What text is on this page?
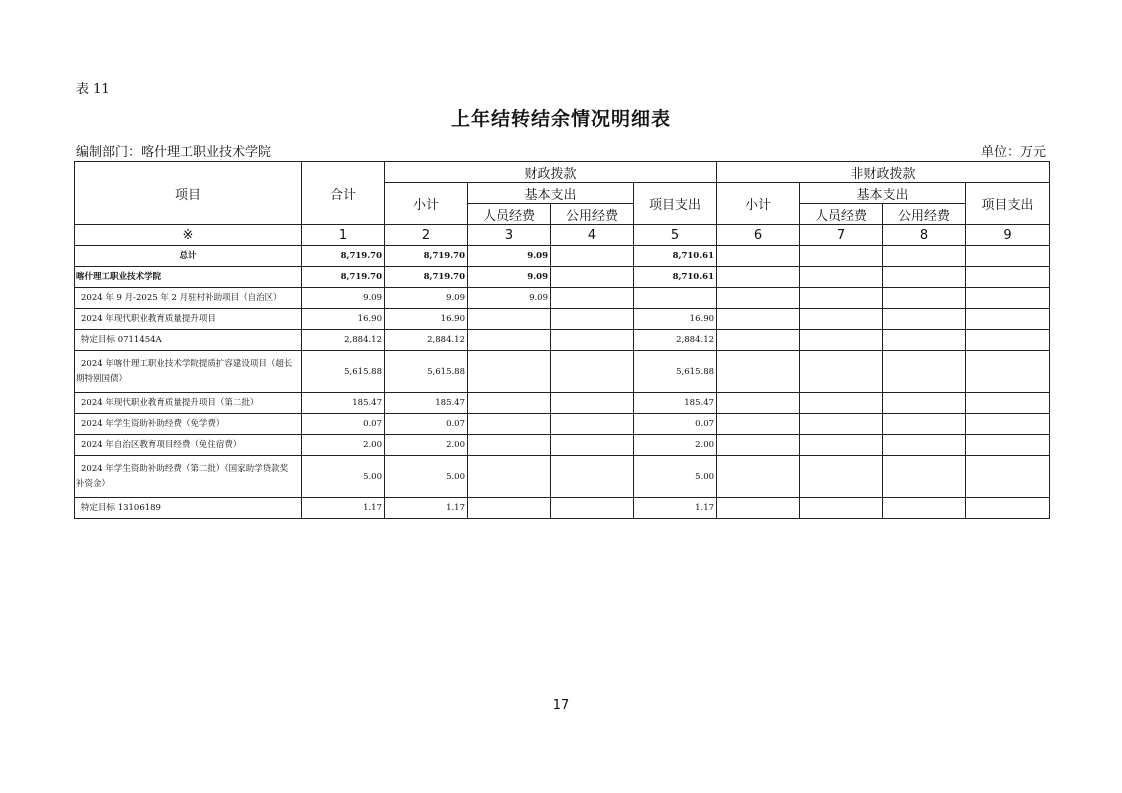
表 11
上年结转结余情况明细表
编制部门：喀什理工职业技术学院	单位：万元
项目	合计	财政拨款				非财政拨款			
		小计	基本支出		项目支出	小计	基本支出		项目支出
			人员经费	公用经费			人员经费	公用经费	
※	1	2	3	4	5	6	7	8	9
总计	8,719.70	8,719.70	9.09		8,710.61				
喀什理工职业技术学院	8,719.70	8,719.70	9.09		8,710.61				
2024 年 9 月-2025 年 2 月驻村补助项目（自治区）	9.09	9.09	9.09						
2024 年现代职业教育质量提升项目	16.90	16.90			16.90				
特定目标 0711454A	2,884.12	2,884.12			2,884.12				
2024 年喀什理工职业技术学院提质扩容建设项目（超长
期特别国债）	5,615.88	5,615.88			5,615.88				
2024 年现代职业教育质量提升项目（第二批）	185.47	185.47			185.47				
2024 年学生资助补助经费（免学费）	0.07	0.07			0.07				
2024 年自治区教育项目经费（免住宿费）	2.00	2.00			2.00				
2024 年学生资助补助经费（第二批）（国家助学贷款奖
补资金）	5.00	5.00			5.00				
特定目标 13106189	1.17	1.17			1.17				
17
